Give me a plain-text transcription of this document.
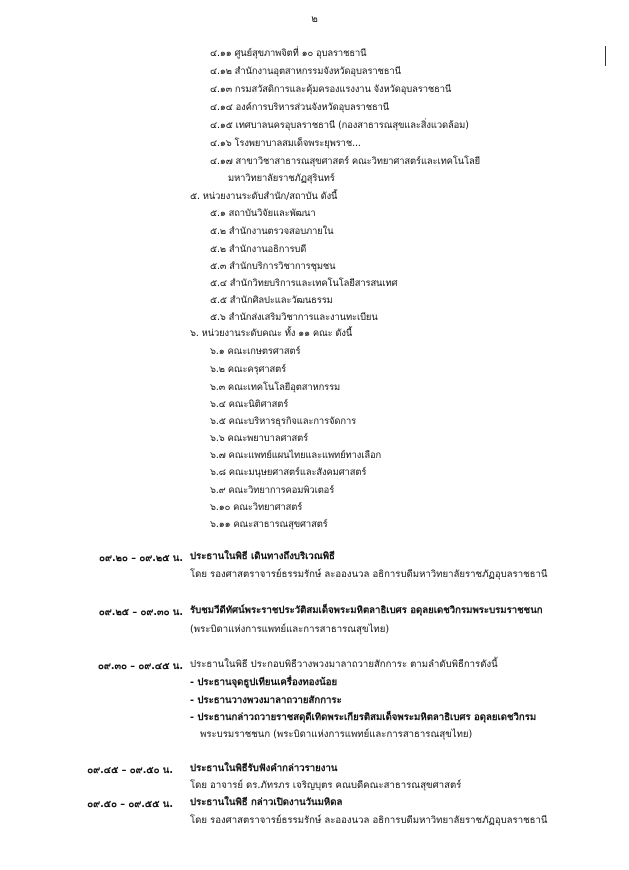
๒
๔.๑๑ ศูนย์สุขภาพจิตที่ ๑๐ อุบลราชธานี
๔.๑๒ สำนักงานอุตสาหกรรมจังหวัดอุบลราชธานี
๔.๑๓ กรมสวัสดิการและคุ้มครองแรงงาน จังหวัดอุบลราชธานี
๔.๑๔ องค์การบริหารส่วนจังหวัดอุบลราชธานี
๔.๑๕ เทศบาลนครอุบลราชธานี (กองสาธารณสุขและสิ่งแวดล้อม)
๔.๑๖ โรงพยาบาลสมเด็จพระยุพราช...
๔.๑๗ สาขาวิชาสาธารณสุขศาสตร์ คณะวิทยาศาสตร์และเทคโนโลยี
มหาวิทยาลัยราชภัฏสุรินทร์
๕. หน่วยงานระดับสำนัก/สถาบัน ดังนี้
๕.๑ สถาบันวิจัยและพัฒนา
๕.๒ สำนักงานตรวจสอบภายใน
๕.๒ สำนักงานอธิการบดี
๕.๓ สำนักบริการวิชาการชุมชน
๕.๔ สำนักวิทยบริการและเทคโนโลยีสารสนเทศ
๕.๕ สำนักศิลปะและวัฒนธรรม
๕.๖ สำนักส่งเสริมวิชาการและงานทะเบียน
๖. หน่วยงานระดับคณะ ทั้ง ๑๑ คณะ ดังนี้
๖.๑ คณะเกษตรศาสตร์
๖.๒ คณะครุศาสตร์
๖.๓ คณะเทคโนโลยีอุตสาหกรรม
๖.๔ คณะนิติศาสตร์
๖.๕ คณะบริหารธุรกิจและการจัดการ
๖.๖ คณะพยาบาลศาสตร์
๖.๗ คณะแพทย์แผนไทยและแพทย์ทางเลือก
๖.๘ คณะมนุษยศาสตร์และสังคมศาสตร์
๖.๙ คณะวิทยาการคอมพิวเตอร์
๖.๑๐ คณะวิทยาศาสตร์
๖.๑๑ คณะสาธารณสุขศาสตร์
๐๙.๒๐ – ๐๙.๒๕ น. ประธานในพิธี เดินทางถึงบริเวณพิธี
โดย รองศาสตราจารย์ธรรมรักษ์ ละอองนวล อธิการบดีมหาวิทยาลัยราชภัฏอุบลราชธานี
๐๙.๒๕ – ๐๙.๓๐ น. รับชมวีดีทัศน์พระราชประวัติสมเด็จพระมหิตลาธิเบศร อดุลยเดชวิกรมพระบรมราชชนก
(พระบิดาแห่งการแพทย์และการสาธารณสุขไทย)
๐๙.๓๐ – ๐๙.๔๕ น. ประธานในพิธี ประกอบพิธีวางพวงมาลาถวายสักการะ ตามลำดับพิธีการดังนี้
- ประธานจุดธูปเทียนเครื่องทองน้อย
- ประธานวางพวงมาลาถวายสักการะ
- ประธานกล่าวถวายราชสดุดีเทิดพระเกียรติสมเด็จพระมหิตลาธิเบศร อดุลยเดชวิกรม
พระบรมราชชนก (พระบิดาแห่งการแพทย์และการสาธารณสุขไทย)
๐๙.๔๕ – ๐๙.๕๐ น. ประธานในพิธีรับฟังคำกล่าวรายงาน
โดย อาจารย์ ดร.ภัทรภร เจริญบุตร คณบดีคณะสาธารณสุขศาสตร์
๐๙.๕๐ – ๐๙.๕๕ น. ประธานในพิธี กล่าวเปิดงานวันมหิดล
โดย รองศาสตราจารย์ธรรมรักษ์ ละอองนวล อธิการบดีมหาวิทยาลัยราชภัฏอุบลราชธานี
